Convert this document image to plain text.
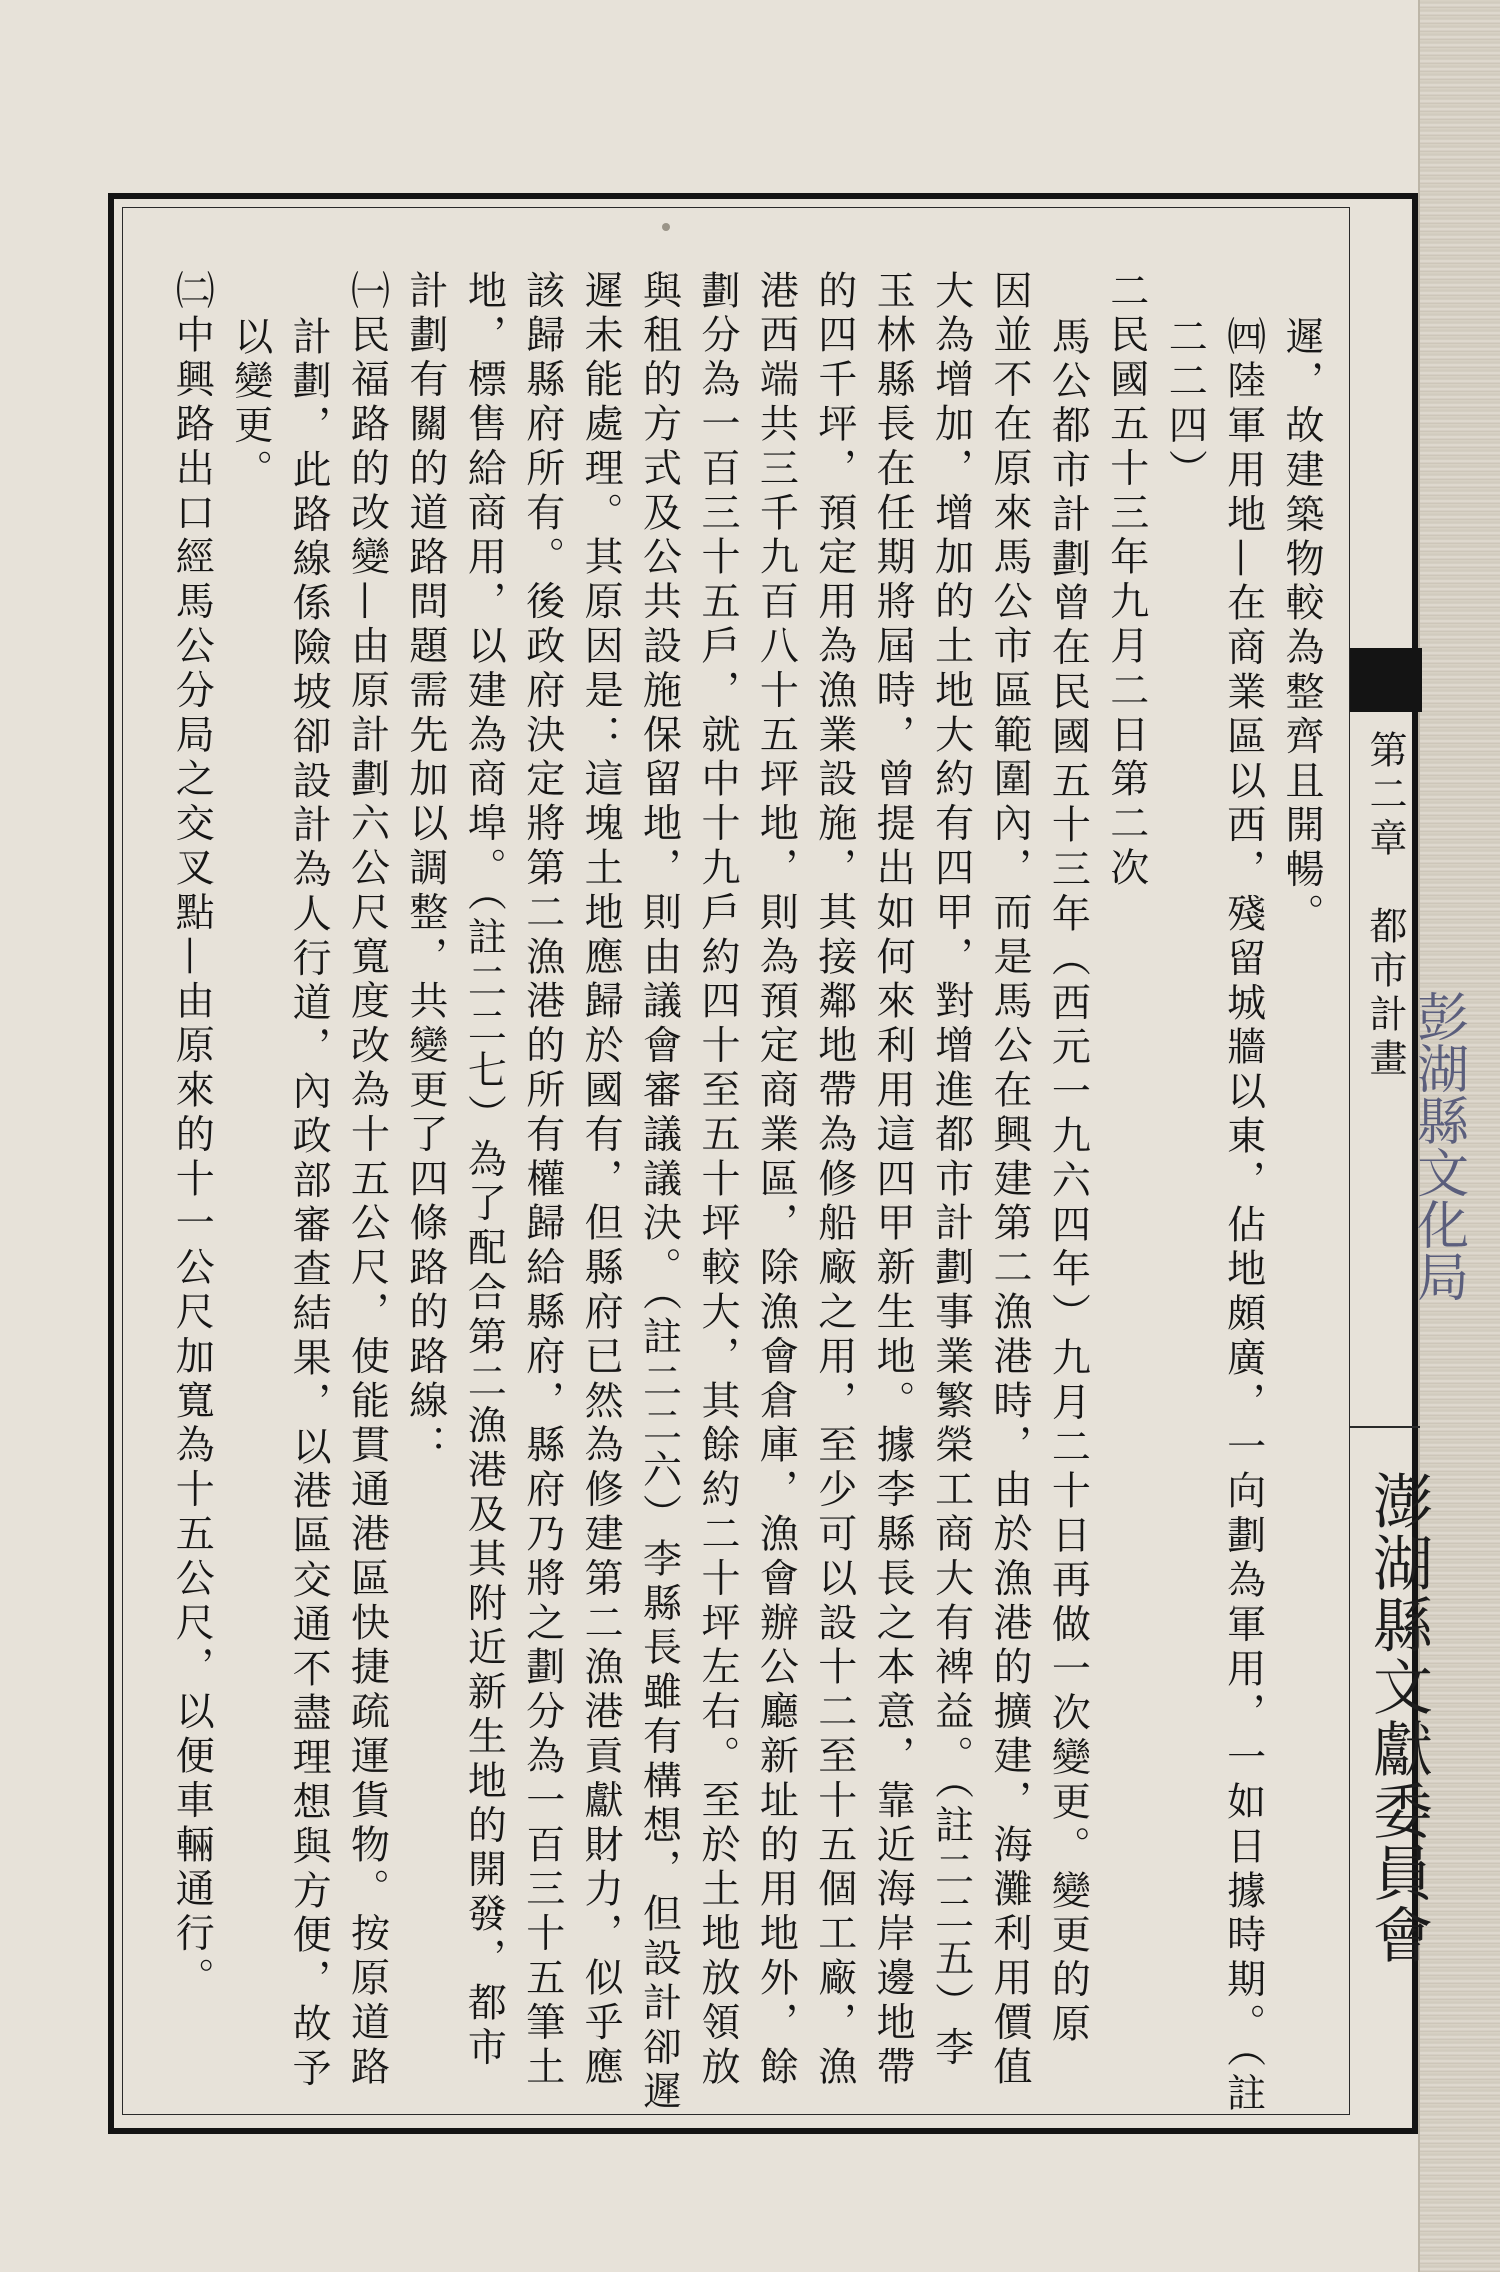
第二章　都市計畫
彭湖縣文化局
澎湖縣文獻委員會
遲，故建築物較為整齊且開暢。
㈣陸軍用地—在商業區以西，殘留城牆以東，佔地頗廣，一向劃為軍用，一如日據時期。（註
二二四）
二民國五十三年九月二日第二次
馬公都市計劃曾在民國五十三年（西元一九六四年）九月二十日再做一次變更。變更的原
因並不在原來馬公市區範圍內，而是馬公在興建第二漁港時，由於漁港的擴建，海灘利用價值
大為增加，增加的土地大約有四甲，對增進都市計劃事業繁榮工商大有裨益。（註二二五）李
玉林縣長在任期將屆時，曾提出如何來利用這四甲新生地。據李縣長之本意，靠近海岸邊地帶
的四千坪，預定用為漁業設施，其接鄰地帶為修船廠之用，至少可以設十二至十五個工廠，漁
港西端共三千九百八十五坪地，則為預定商業區，除漁會倉庫，漁會辦公廳新址的用地外，餘
劃分為一百三十五戶，就中十九戶約四十至五十坪較大，其餘約二十坪左右。至於土地放領放
與租的方式及公共設施保留地，則由議會審議議決。（註二二六）李縣長雖有構想，但設計卻遲
遲未能處理。其原因是：這塊土地應歸於國有，但縣府已然為修建第二漁港貢獻財力，似乎應
該歸縣府所有。後政府決定將第二漁港的所有權歸給縣府，縣府乃將之劃分為一百三十五筆土
地，標售給商用，以建為商埠。（註二二七）為了配合第二漁港及其附近新生地的開發，都市
計劃有關的道路問題需先加以調整，共變更了四條路的路線：
㈠民福路的改變—由原計劃六公尺寬度改為十五公尺，使能貫通港區快捷疏運貨物。按原道路
計劃，此路線係險坡卻設計為人行道，內政部審查結果，以港區交通不盡理想與方便，故予
以變更。
㈡中興路出口經馬公分局之交叉點—由原來的十一公尺加寬為十五公尺，以便車輛通行。
